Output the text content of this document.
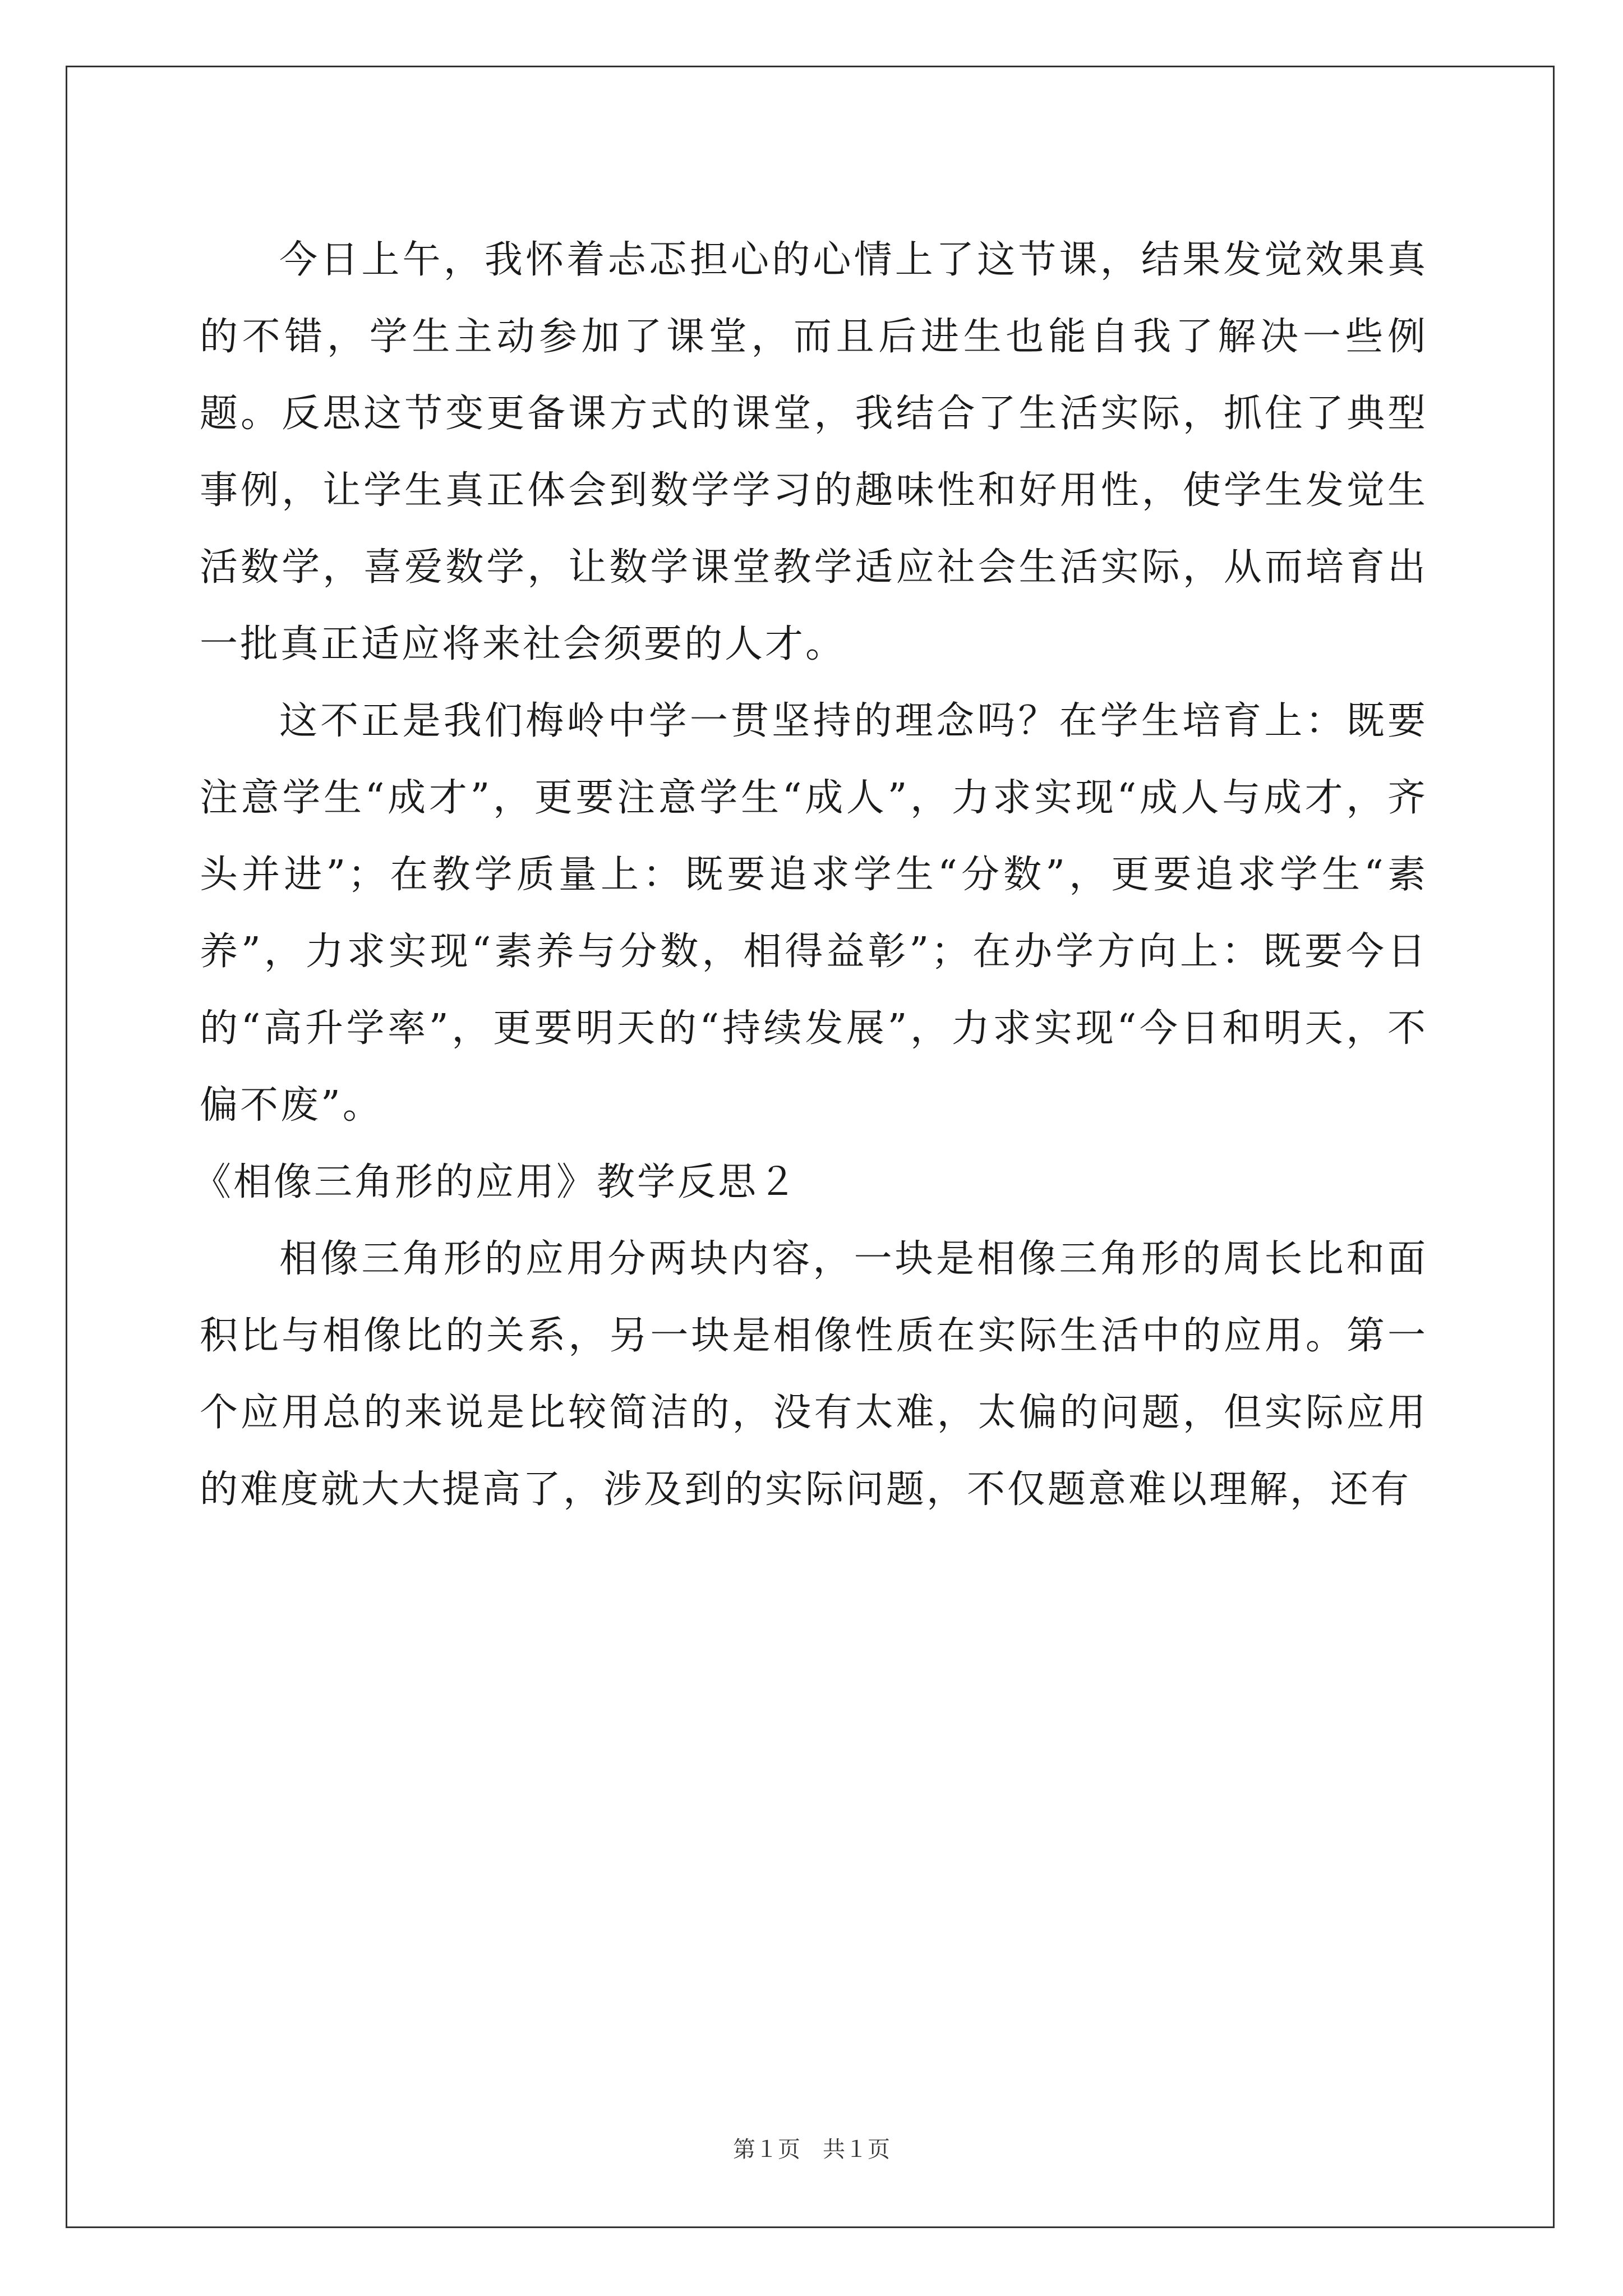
今日上午，我怀着忐忑担心的心情上了这节课，结果发觉效果真的不错，学生主动参加了课堂，而且后进生也能自我了解决一些例题。反思这节变更备课方式的课堂，我结合了生活实际，抓住了典型事例，让学生真正体会到数学学习的趣味性和好用性，使学生发觉生活数学，喜爱数学，让数学课堂教学适应社会生活实际，从而培育出一批真正适应将来社会须要的人才。

这不正是我们梅岭中学一贯坚持的理念吗？在学生培育上：既要注意学生“成才”，更要注意学生“成人”，力求实现“成人与成才，齐头并进”；在教学质量上：既要追求学生“分数”，更要追求学生“素养”，力求实现“素养与分数，相得益彰”；在办学方向上：既要今日的“高升学率”，更要明天的“持续发展”，力求实现“今日和明天，不偏不废”。

《相像三角形的应用》教学反思２

相像三角形的应用分两块内容，一块是相像三角形的周长比和面积比与相像比的关系，另一块是相像性质在实际生活中的应用。第一个应用总的来说是比较简洁的，没有太难，太偏的问题，但实际应用的难度就大大提高了，涉及到的实际问题，不仅题意难以理解，还有

第１页　共１页
